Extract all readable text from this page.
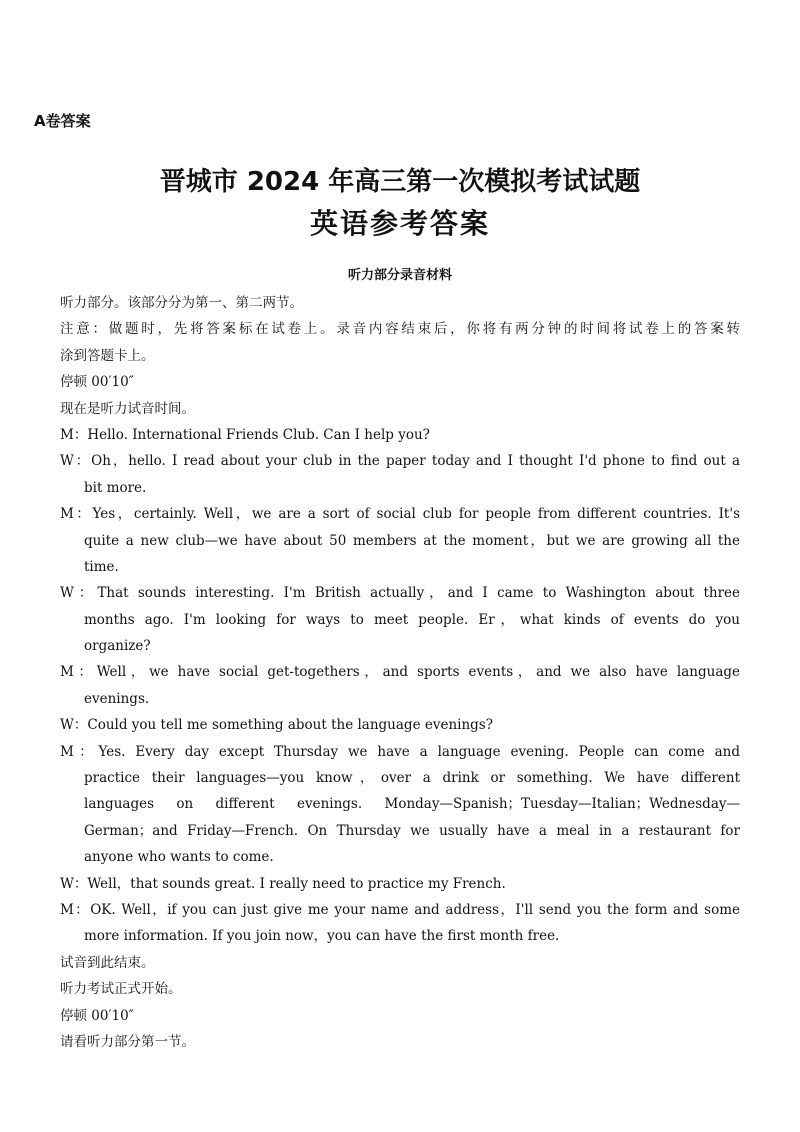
A卷答案
晋城市 2024 年高三第一次模拟考试试题
英语参考答案
听力部分录音材料
听力部分。该部分分为第一、第二两节。
注意：做题时，先将答案标在试卷上。录音内容结束后，你将有两分钟的时间将试卷上的答案转
涂到答题卡上。
停顿 00′10″
现在是听力试音时间。
M：Hello. International Friends Club. Can I help you?
W：Oh，hello. I read about your club in the paper today and I thought I'd phone to find out a
bit more.
M：Yes，certainly. Well，we are a sort of social club for people from different countries. It's
quite a new club—we have about 50 members at the moment，but we are growing all the
time.
W：That sounds interesting. I'm British actually，and I came to Washington about three
months ago. I'm looking for ways to meet people. Er，what kinds of events do you
organize?
M：Well，we have social get-togethers，and sports events，and we also have language
evenings.
W：Could you tell me something about the language evenings?
M：Yes. Every day except Thursday we have a language evening. People can come and
practice their languages—you know，over a drink or something. We have different
languages on different evenings. Monday—Spanish；Tuesday—Italian；Wednesday—
German；and Friday—French. On Thursday we usually have a meal in a restaurant for
anyone who wants to come.
W：Well，that sounds great. I really need to practice my French.
M：OK. Well，if you can just give me your name and address，I'll send you the form and some
more information. If you join now，you can have the first month free.
试音到此结束。
听力考试正式开始。
停顿 00′10″
请看听力部分第一节。
